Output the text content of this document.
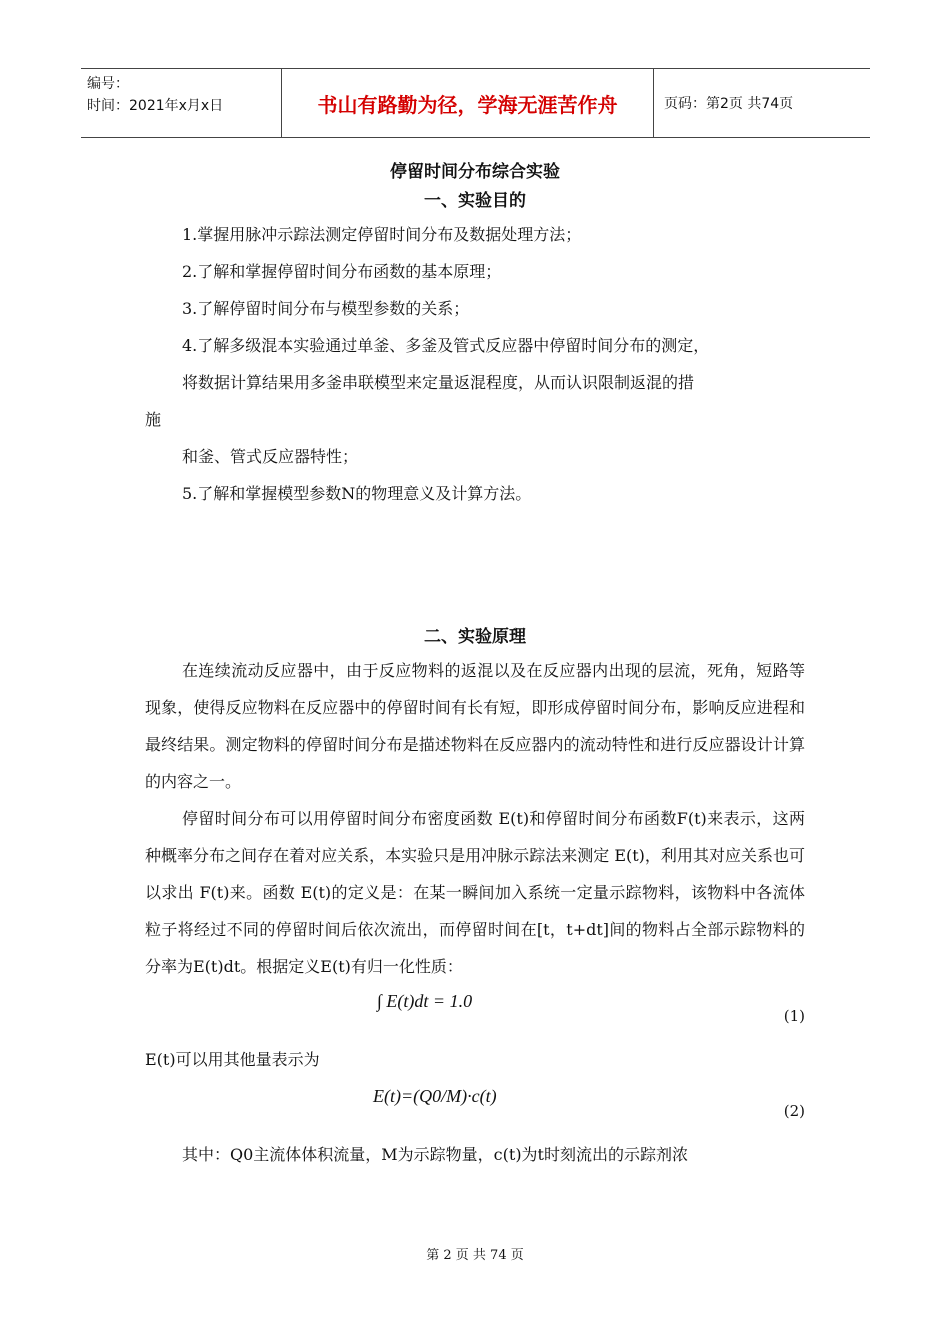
编号：
时间：2021年x月x日	书山有路勤为径，学海无涯苦作舟	页码：第2页 共74页

停留时间分布综合实验

一、实验目的

1.掌握用脉冲示踪法测定停留时间分布及数据处理方法；

2.了解和掌握停留时间分布函数的基本原理；

3.了解停留时间分布与模型参数的关系；

4.了解多级混本实验通过单釜、多釜及管式反应器中停留时间分布的测定，

将数据计算结果用多釜串联模型来定量返混程度，从而认识限制返混的措

施

和釜、管式反应器特性；

5.了解和掌握模型参数N的物理意义及计算方法。

二、实验原理

在连续流动反应器中，由于反应物料的返混以及在反应器内出现的层流，死角，短路等现象，使得反应物料在反应器中的停留时间有长有短，即形成停留时间分布，影响反应进程和最终结果。测定物料的停留时间分布是描述物料在反应器内的流动特性和进行反应器设计计算的内容之一。

停留时间分布可以用停留时间分布密度函数 E(t)和停留时间分布函数F(t)来表示，这两种概率分布之间存在着对应关系，本实验只是用冲脉示踪法来测定 E(t)，利用其对应关系也可以求出 F(t)来。函数 E(t)的定义是：在某一瞬间加入系统一定量示踪物料，该物料中各流体粒子将经过不同的停留时间后依次流出，而停留时间在[t，t+dt]间的物料占全部示踪物料的分率为E(t)dt。根据定义E(t)有归一化性质：

∫ E(t)dt = 1.0
(1)

E(t)可以用其他量表示为

E(t)=(Q0/M)·c(t)
(2)

其中：Q0主流体体积流量，M为示踪物量，c(t)为t时刻流出的示踪剂浓

第 2 页 共 74 页
